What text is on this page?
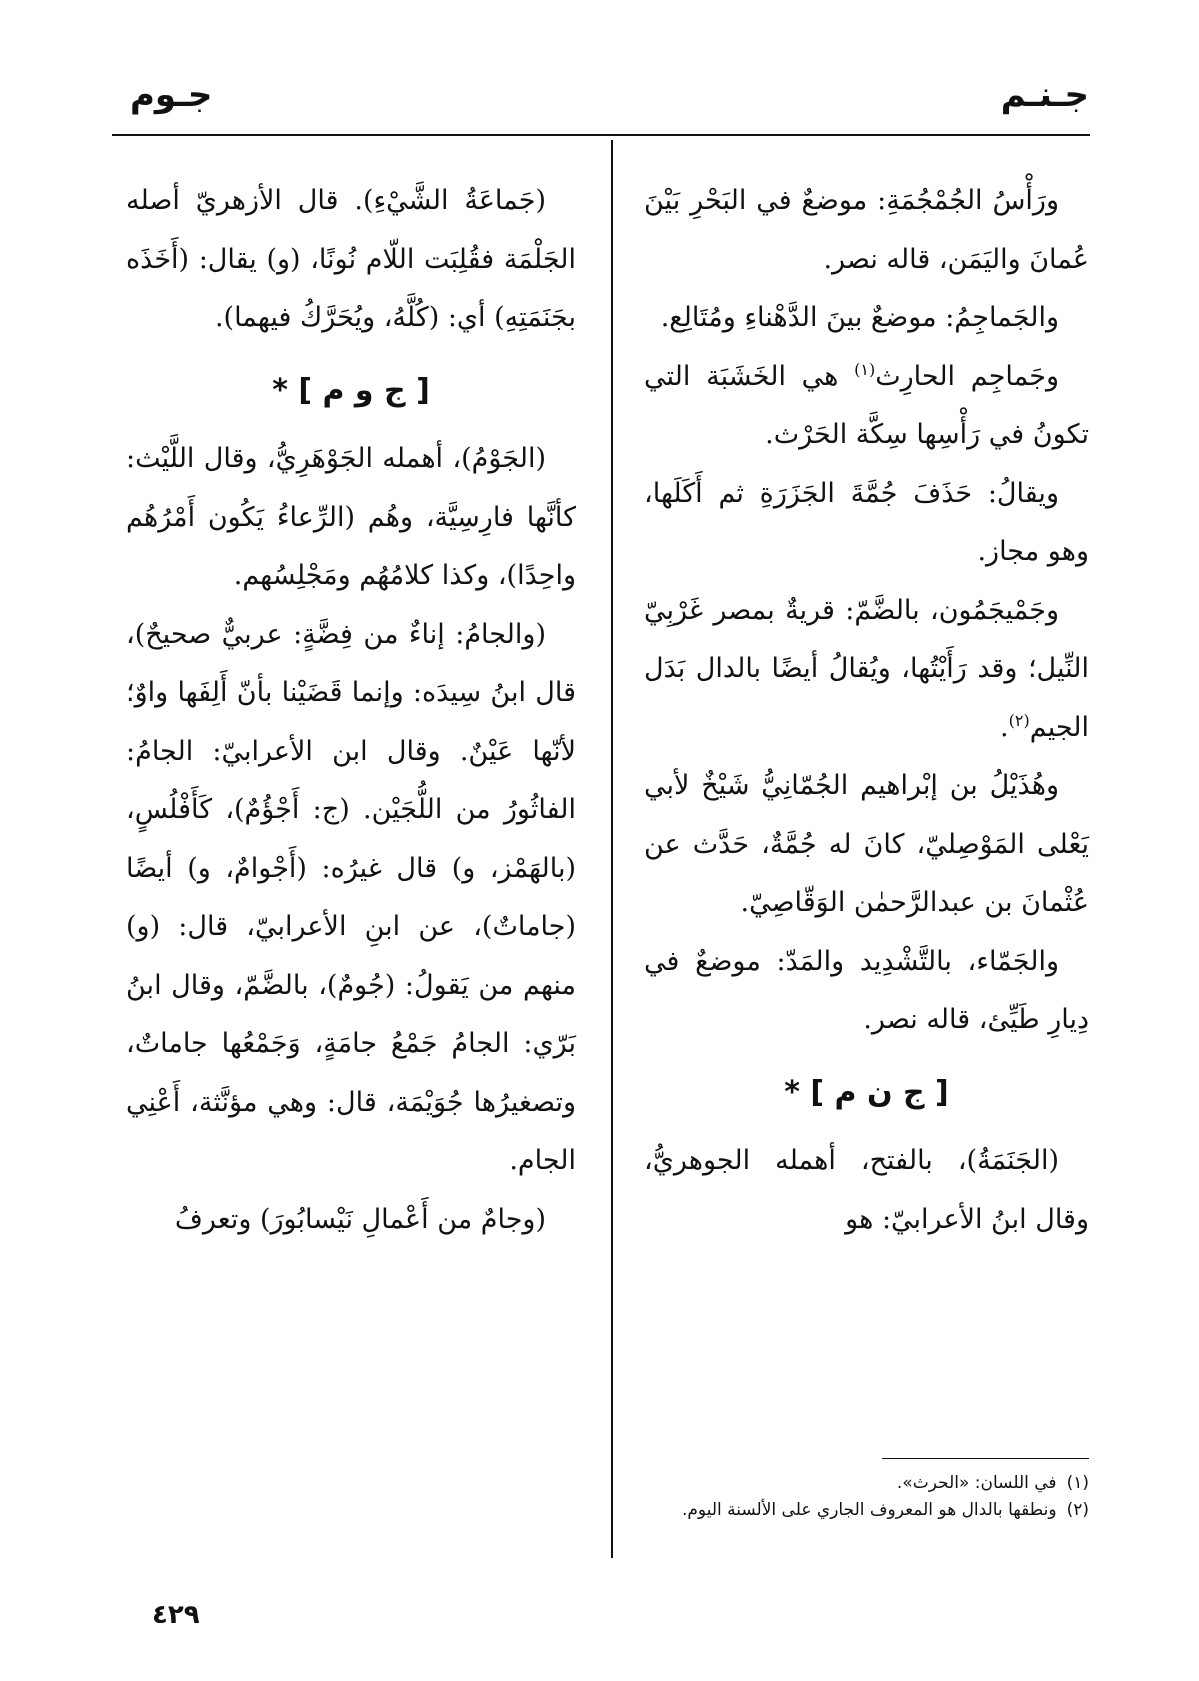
جـنـم
جـوم

ورَأْسُ الجُمْجُمَةِ: موضعٌ في البَحْرِ بَيْنَ عُمانَ واليَمَن، قاله نصر.

والجَماجِمُ: موضعٌ بينَ الدَّهْناءِ ومُتَالِع.

وجَماجِم الحارِث$^{(١)}$ هي الخَشَبَة التي تكونُ في رَأْسِها سِكَّة الحَرْث.

ويقالُ: حَذَفَ جُمَّةَ الجَزَرَةِ ثم أَكَلَها، وهو مجاز.

وجَمْيجَمُون، بالضَّمّ: قريةٌ بمصر غَرْبِيّ النِّيل؛ وقد رَأَيْتُها، ويُقالُ أيضًا بالدال بَدَل الجيم$^{(٢)}$.

وهُذَيْلُ بن إبْراهيم الجُمّانِيُّ شَيْخٌ لأبي يَعْلى المَوْصِليّ، كانَ له جُمَّةٌ، حَدَّث عن عُثْمانَ بن عبدالرَّحمٰن الوَقّاصِيّ.

والجَمّاء، بالتَّشْدِيد والمَدّ: موضعٌ في دِيارِ طَيِّئ، قاله نصر.

[ ج ن م ] *

(الجَنَمَةُ)، بالفتح، أهمله الجوهريُّ، وقال ابنُ الأعرابيّ: هو

(جَماعَةُ الشَّيْءِ). قال الأزهريّ أصله الجَلْمَة فقُلِبَت اللّام نُونًا، (و) يقال: (أَخَذَه بجَنَمَتِهِ) أي: (كُلَّهُ، ويُحَرَّكُ فيهما).

[ ج و م ] *

(الجَوْمُ)، أهمله الجَوْهَرِيُّ، وقال اللَّيْث: كأنَّها فارِسِيَّة، وهُم (الرِّعاءُ يَكُون أَمْرُهُم واحِدًا)، وكذا كلامُهُم ومَجْلِسُهم.

(والجامُ: إناءٌ من فِضَّةٍ: عربيٌّ صحيحٌ)، قال ابنُ سِيدَه: وإنما قَضَيْنا بأنّ أَلِفَها واوٌ؛ لأنّها عَيْنٌ. وقال ابن الأعرابيّ: الجامُ: الفاثُورُ من اللُّجَيْن. (ج: أَجْؤُمٌ)، كَأَفْلُسٍ، (بالهَمْز، و) قال غيرُه: (أَجْوامٌ، و) أيضًا (جاماتٌ)، عن ابنِ الأعرابيّ، قال: (و) منهم من يَقولُ: (جُومٌ)، بالضَّمّ، وقال ابنُ بَرّي: الجامُ جَمْعُ جامَةٍ، وَجَمْعُها جاماتٌ، وتصغيرُها جُوَيْمَة، قال: وهي مؤنَّثة، أَعْنِي الجام.

(وجامٌ من أَعْمالِ نَيْسابُورَ) وتعرفُ

(١)في اللسان: «الحرث».

(٢)ونطقها بالدال هو المعروف الجاري على الألسنة اليوم.

٤٢٩
